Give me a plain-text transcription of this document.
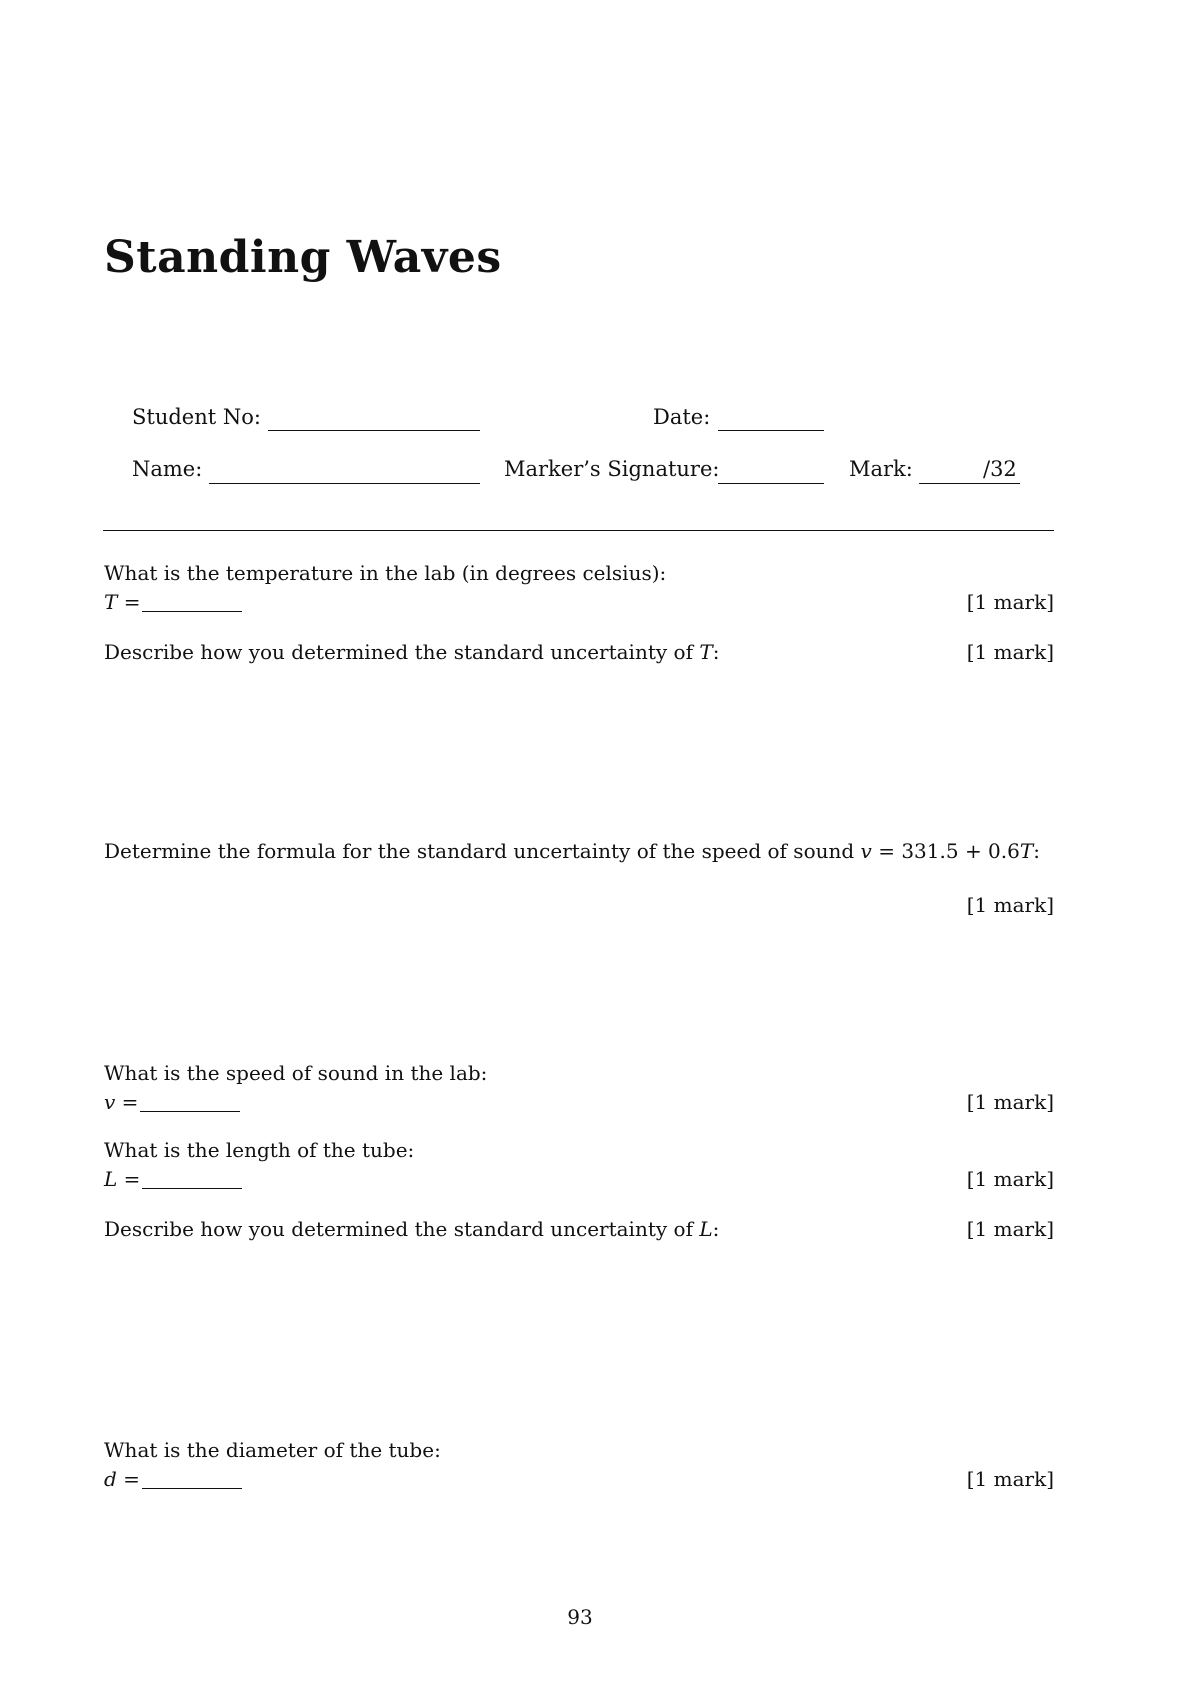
Standing Waves
Student No:	Date:
Name:	Marker’s Signature:	Mark:	/32
What is the temperature in the lab (in degrees celsius):
T =	[1 mark]
Describe how you determined the standard uncertainty of T:	[1 mark]
Determine the formula for the standard uncertainty of the speed of sound v = 331.5 + 0.6T:
[1 mark]
What is the speed of sound in the lab:
v =	[1 mark]
What is the length of the tube:
L =	[1 mark]
Describe how you determined the standard uncertainty of L:	[1 mark]
What is the diameter of the tube:
d =	[1 mark]
93
